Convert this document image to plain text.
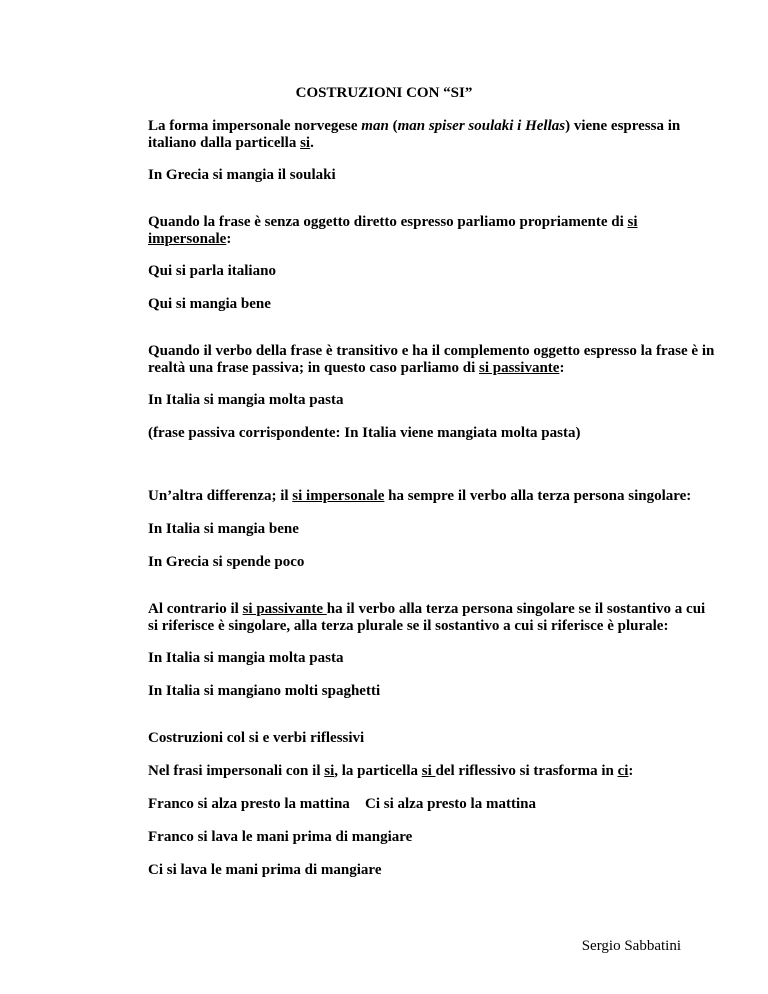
COSTRUZIONI CON “SI”
La forma impersonale norvegese man (man spiser soulaki i Hellas) viene espressa in
italiano dalla particella si.
In Grecia si mangia il soulaki
Quando la frase è senza oggetto diretto espresso parliamo propriamente di si
impersonale:
Qui si parla italiano
Qui si mangia bene
Quando il verbo della frase è transitivo e ha il complemento oggetto espresso la frase è in
realtà una frase passiva; in questo caso parliamo di si passivante:
In Italia si mangia molta pasta
(frase passiva corrispondente: In Italia viene mangiata molta pasta)
Un’altra differenza; il si impersonale ha sempre il verbo alla terza persona singolare:
In Italia si mangia bene
In Grecia si spende poco
Al contrario il si passivante ha il verbo alla terza persona singolare se il sostantivo a cui
si riferisce è singolare, alla terza plurale se il sostantivo a cui si riferisce è plurale:
In Italia si mangia molta pasta
In Italia si mangiano molti spaghetti
Costruzioni col si e verbi riflessivi
Nel frasi impersonali con il si, la particella si del riflessivo si trasforma in ci:
Franco si alza presto la mattina Ci si alza presto la mattina
Franco si lava le mani prima di mangiare
Ci si lava le mani prima di mangiare
Sergio Sabbatini
